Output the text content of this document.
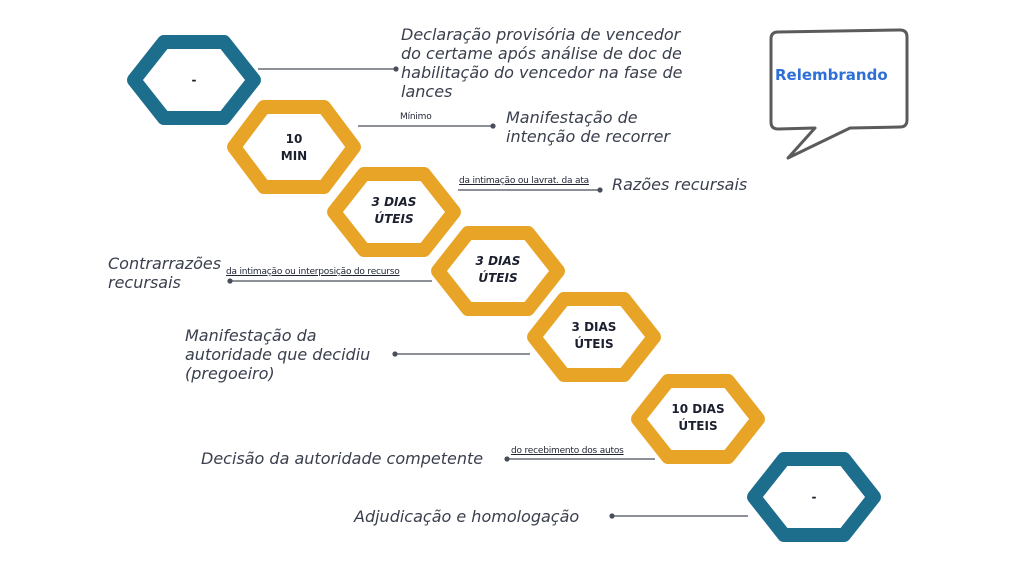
Relembrando

-

10
MIN

3 DIAS
ÚTEIS

3 DIAS
ÚTEIS

3 DIAS
ÚTEIS

10 DIAS
ÚTEIS

-

Declaração provisória de vencedor
do certame após análise de doc de
habilitação do vencedor na fase de
lances

Manifestação de
intenção de recorrer

Razões recursais

Contrarrazões
recursais

Manifestação da
autoridade que decidiu
(pregoeiro)

Decisão da autoridade competente

Adjudicação e homologação

Mínimo

da intimação ou lavrat. da ata

da intimação ou interposição do recurso

do recebimento dos autos
